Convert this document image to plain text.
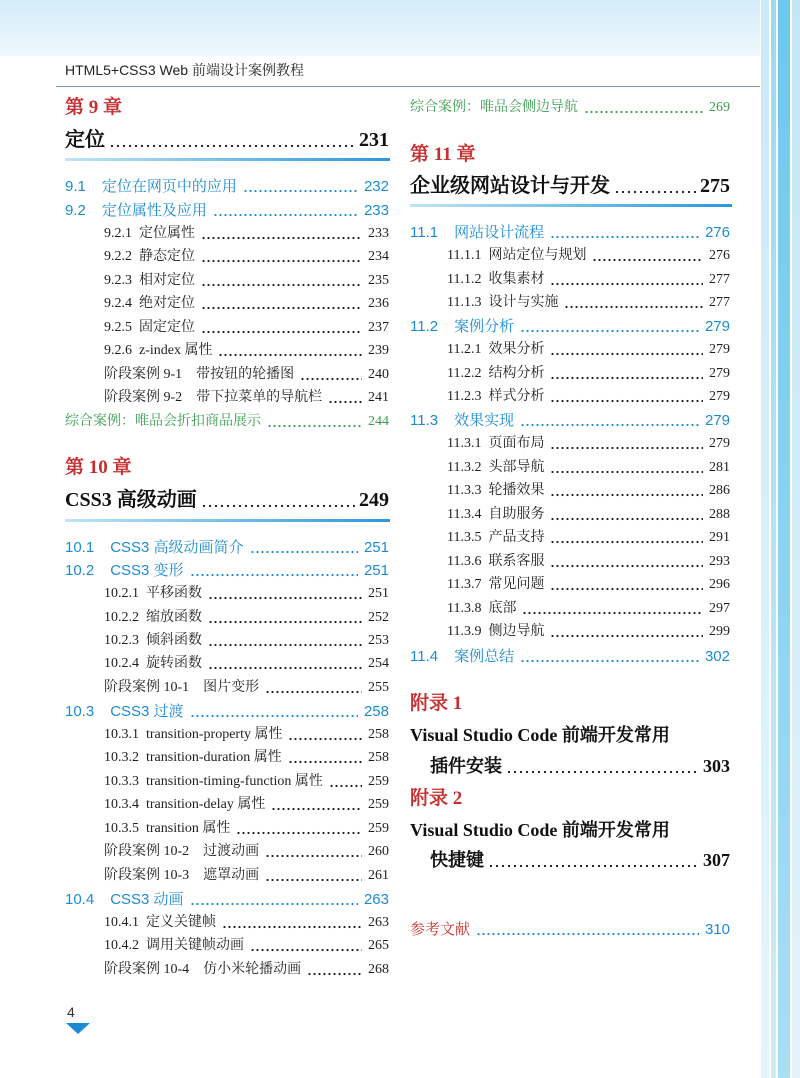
HTML5+CSS3 Web 前端设计案例教程
第 9 章
定位	231
9.1 定位在网页中的应用	232
9.2 定位属性及应用	233
9.2.1 定位属性	233
9.2.2 静态定位	234
9.2.3 相对定位	235
9.2.4 绝对定位	236
9.2.5 固定定位	237
9.2.6 z-index 属性	239
阶段案例 9-1 带按钮的轮播图	240
阶段案例 9-2 带下拉菜单的导航栏	241
综合案例：唯品会折扣商品展示	244
第 10 章
CSS3 高级动画	249
10.1 CSS3 高级动画简介	251
10.2 CSS3 变形	251
10.2.1 平移函数	251
10.2.2 缩放函数	252
10.2.3 倾斜函数	253
10.2.4 旋转函数	254
阶段案例 10-1 图片变形	255
10.3 CSS3 过渡	258
10.3.1 transition-property 属性	258
10.3.2 transition-duration 属性	258
10.3.3 transition-timing-function 属性	259
10.3.4 transition-delay 属性	259
10.3.5 transition 属性	259
阶段案例 10-2 过渡动画	260
阶段案例 10-3 遮罩动画	261
10.4 CSS3 动画	263
10.4.1 定义关键帧	263
10.4.2 调用关键帧动画	265
阶段案例 10-4 仿小米轮播动画	268
综合案例：唯品会侧边导航	269
第 11 章
企业级网站设计与开发	275
11.1 网站设计流程	276
11.1.1 网站定位与规划	276
11.1.2 收集素材	277
11.1.3 设计与实施	277
11.2 案例分析	279
11.2.1 效果分析	279
11.2.2 结构分析	279
11.2.3 样式分析	279
11.3 效果实现	279
11.3.1 页面布局	279
11.3.2 头部导航	281
11.3.3 轮播效果	286
11.3.4 自助服务	288
11.3.5 产品支持	291
11.3.6 联系客服	293
11.3.7 常见问题	296
11.3.8 底部	297
11.3.9 侧边导航	299
11.4 案例总结	302
附录 1
Visual Studio Code 前端开发常用
插件安装	303
附录 2
Visual Studio Code 前端开发常用
快捷键	307
参考文献	310
4
